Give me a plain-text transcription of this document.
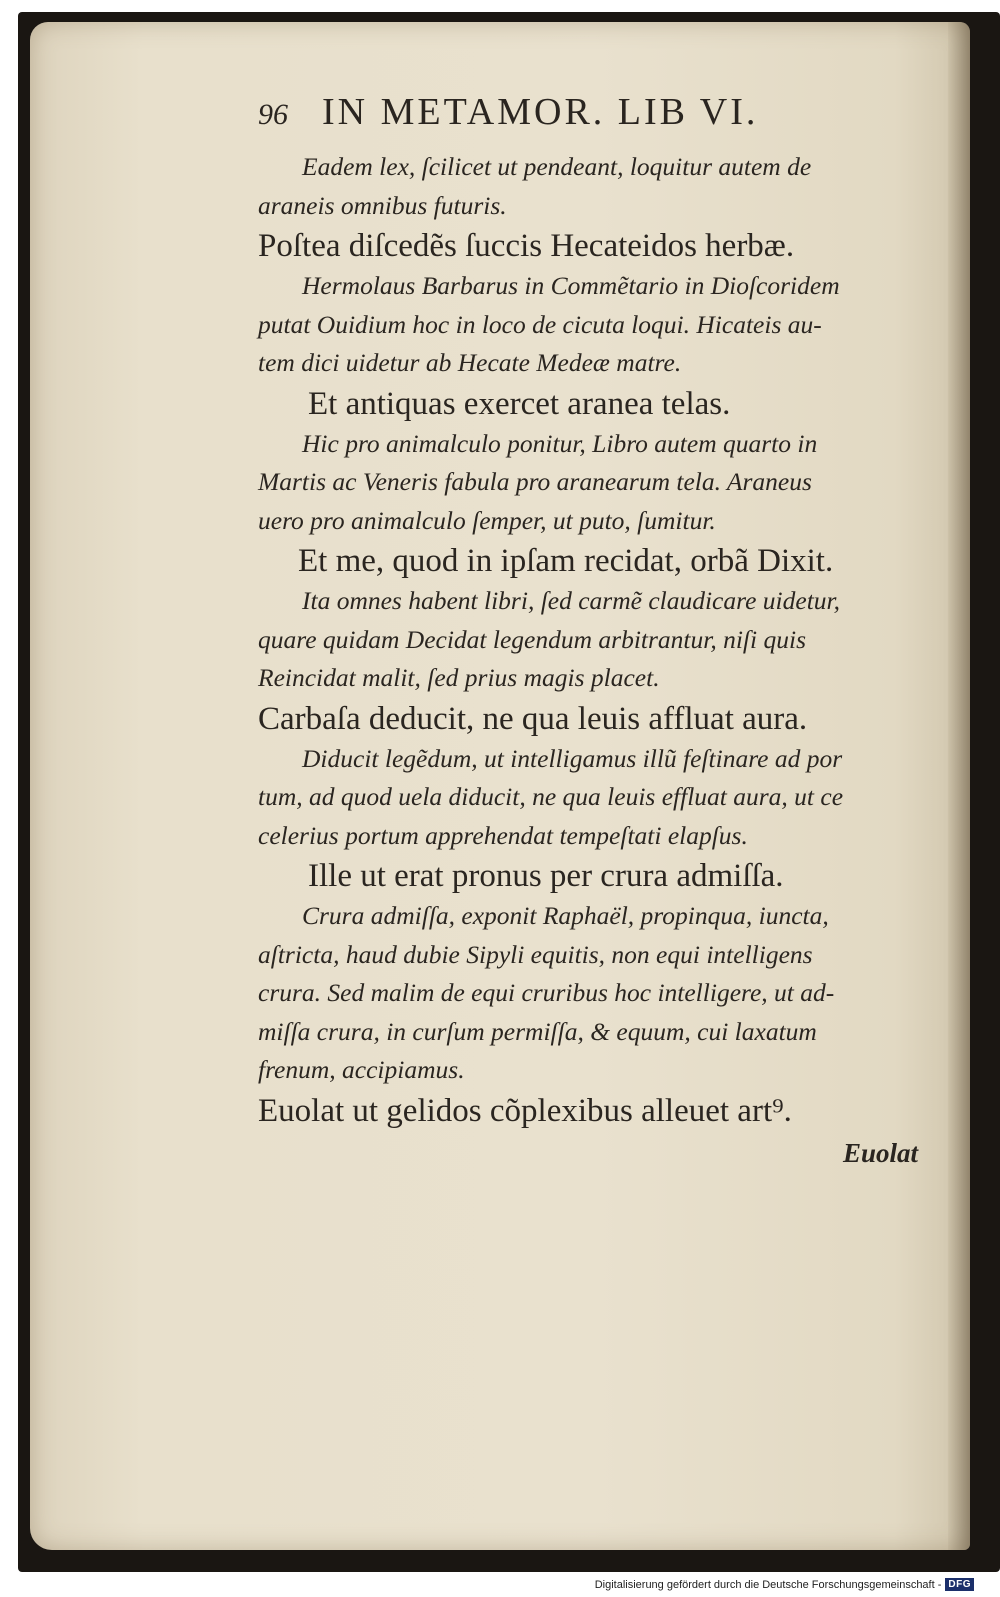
96 IN METAMOR. LIB VI.
Eadem lex, ſcilicet ut pendeant, loquitur autem de
araneis omnibus futuris.
Poſtea diſcedẽs ſuccis Hecateidos herbæ.
Hermolaus Barbarus in Commẽtario in Dioſcoridem
putat Ouidium hoc in loco de cicuta loqui. Hicateis au-
tem dici uidetur ab Hecate Medeæ matre.
Et antiquas exercet aranea telas.
Hic pro animalculo ponitur, Libro autem quarto in
Martis ac Veneris fabula pro aranearum tela. Araneus
uero pro animalculo ſemper, ut puto, ſumitur.
Et me, quod in ipſam recidat, orbã Dixit.
Ita omnes habent libri, ſed carmẽ claudicare uidetur,
quare quidam Decidat legendum arbitrantur, niſi quis
Reincidat malit, ſed prius magis placet.
Carbaſa deducit, ne qua leuis affluat aura.
Diducit legẽdum, ut intelligamus illũ feſtinare ad por
tum, ad quod uela diducit, ne qua leuis effluat aura, ut ce
celerius portum apprehendat tempeſtati elapſus.
Ille ut erat pronus per crura admiſſa.
Crura admiſſa, exponit Raphaël, propinqua, iuncta,
aſtricta, haud dubie Sipyli equitis, non equi intelligens
crura. Sed malim de equi cruribus hoc intelligere, ut ad-
miſſa crura, in curſum permiſſa, & equum, cui laxatum
frenum, accipiamus.
Euolat ut gelidos cõplexibus alleuet art⁹.
Euolat
Digitalisierung gefördert durch die Deutsche Forschungsgemeinschaft - DFG
